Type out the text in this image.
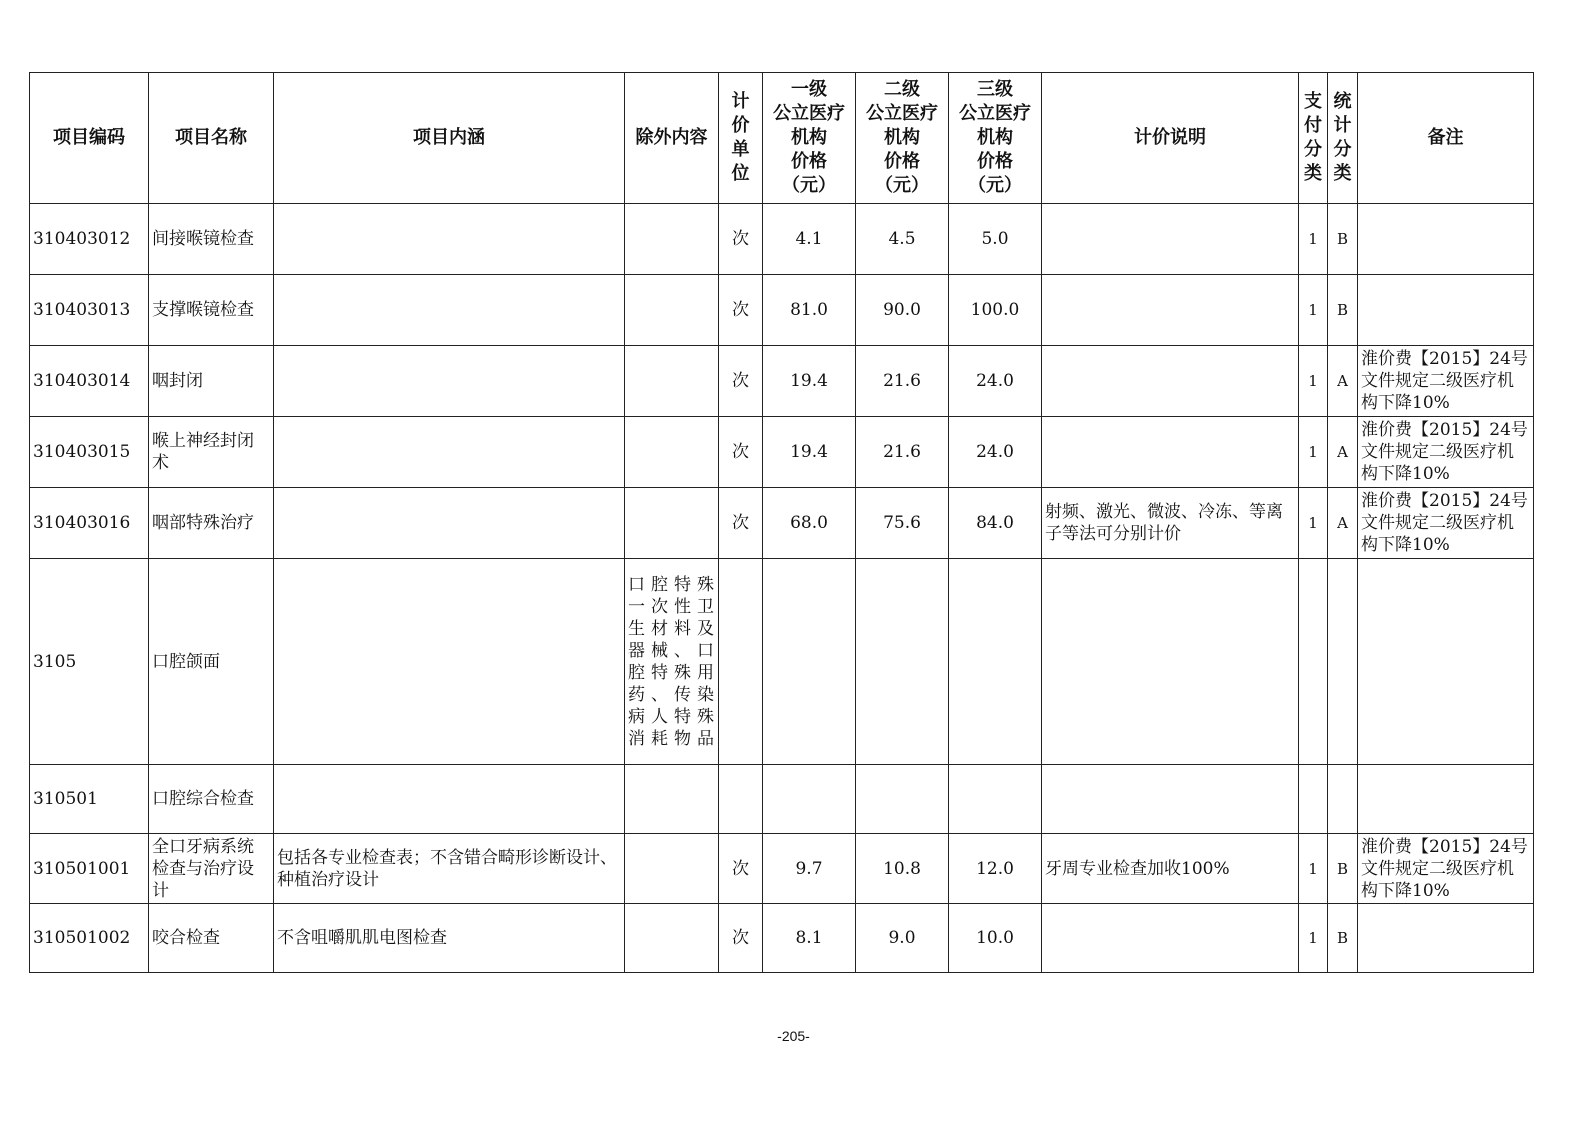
项目编码	项目名称	项目内涵	除外内容	计
价
单
位	一级
公立医疗
机构
价格
（元）	二级
公立医疗
机构
价格
（元）	三级
公立医疗
机构
价格
（元）	计价说明	支
付
分
类	统
计
分
类	备注

310403012	间接喉镜检查			次	4.1	4.5	5.0		1	B	
310403013	支撑喉镜检查			次	81.0	90.0	100.0		1	B	
310403014	咽封闭			次	19.4	21.6	24.0		1	A	淮价费【2015】24号文件规定二级医疗机构下降10%
310403015	喉上神经封闭术			次	19.4	21.6	24.0		1	A	淮价费【2015】24号文件规定二级医疗机构下降10%
310403016	咽部特殊治疗			次	68.0	75.6	84.0	射频、激光、微波、冷冻、等离子等法可分别计价	1	A	淮价费【2015】24号文件规定二级医疗机构下降10%
3105	口腔颌面		口腔特殊一次性卫生材料及器械、口腔特殊用药、传染病人特殊消耗物品								
310501	口腔综合检查										
310501001	全口牙病系统检查与治疗设计	包括各专业检查表；不含错合畸形诊断设计、种植治疗设计		次	9.7	10.8	12.0	牙周专业检查加收100%	1	B	淮价费【2015】24号文件规定二级医疗机构下降10%
310501002	咬合检查	不含咀嚼肌肌电图检查		次	8.1	9.0	10.0		1	B	
-205-
